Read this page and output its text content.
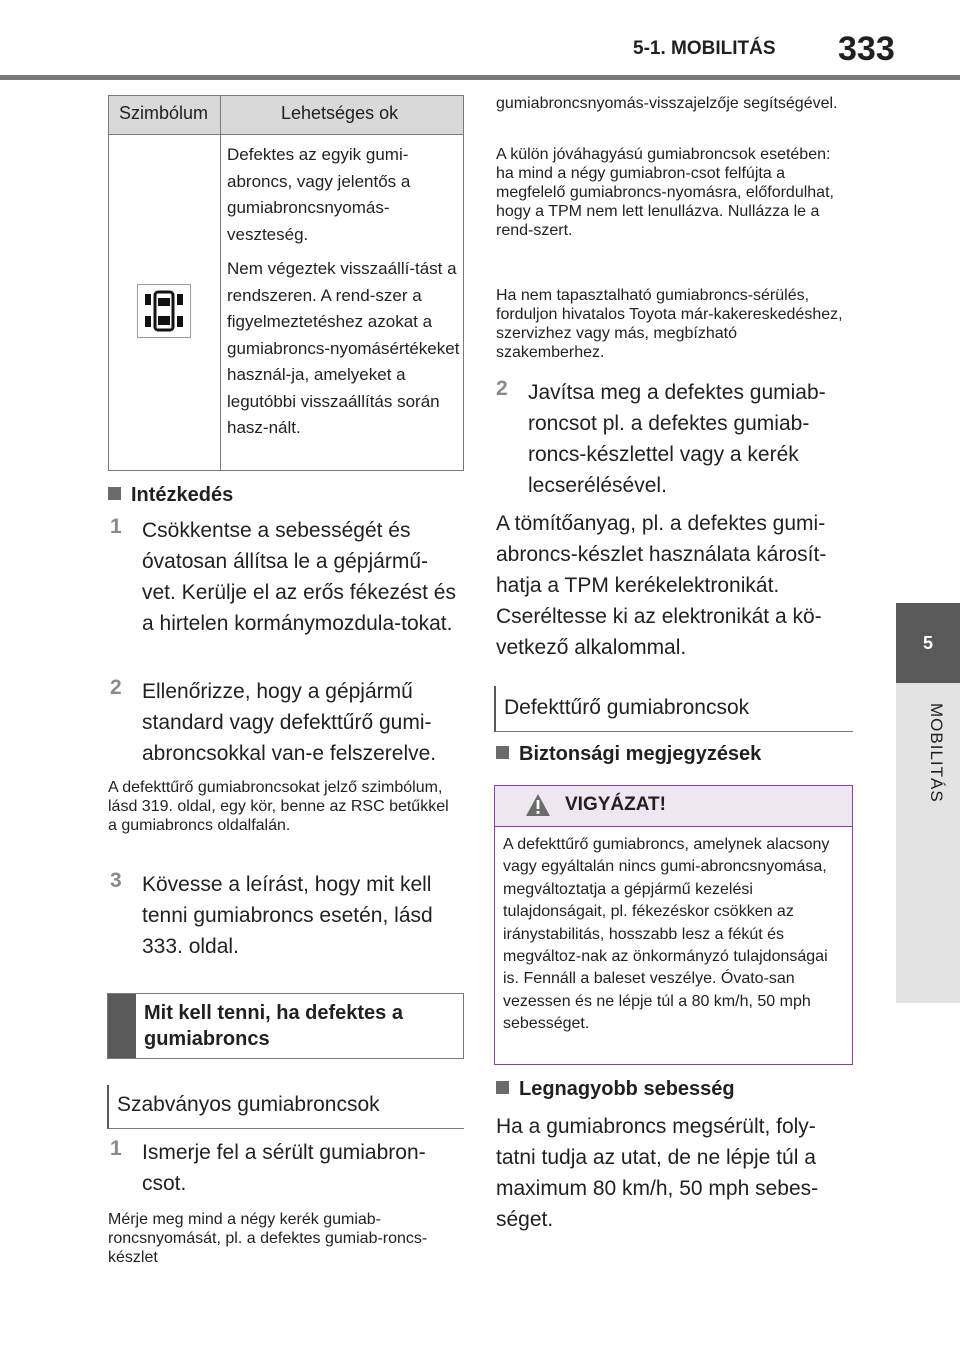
5-1. MOBILITÁS 333
5
MOBILITÁS
Szimbólum	Lehetséges ok

Defektes az egyik gumi-abroncs, vagy jelentős a gumiabroncsnyomás-veszteség.

Nem végeztek visszaállí-tást a rendszeren. A rend-szer a figyelmeztetéshez azokat a gumiabroncs-nyomásértékeket használ-ja, amelyeket a legutóbbi visszaállítás során hasz-nált.

Intézkedés
1 Csökkentse a sebességét és óvatosan állítsa le a gépjármű-vet. Kerülje el az erős fékezést és a hirtelen kormánymozdula-tokat.
2 Ellenőrizze, hogy a gépjármű standard vagy defekttűrő gumi-abroncsokkal van-e felszerelve.
A defekttűrő gumiabroncsokat jelző szimbólum, lásd 319. oldal, egy kör, benne az RSC betűkkel a gumiabroncs oldalfalán.
3 Kövesse a leírást, hogy mit kell tenni gumiabroncs esetén, lásd 333. oldal.
Mit kell tenni, ha defektes a gumiabroncs
Szabványos gumiabroncsok
1 Ismerje fel a sérült gumiabron-csot.
Mérje meg mind a négy kerék gumiab-roncsnyomását, pl. a defektes gumiab-roncs-készlet
gumiabroncsnyomás-visszajelzője segítségével.
A külön jóváhagyású gumiabroncsok esetében: ha mind a négy gumiabron-csot felfújta a megfelelő gumiabroncs-nyomásra, előfordulhat, hogy a TPM nem lett lenullázva. Nullázza le a rend-szert.
Ha nem tapasztalható gumiabroncs-sérülés, forduljon hivatalos Toyota már-kakereskedéshez, szervizhez vagy más, megbízható szakemberhez.
2 Javítsa meg a defektes gumiab-roncsot pl. a defektes gumiab-roncs-készlettel vagy a kerék lecserélésével.
A tömítőanyag, pl. a defektes gumi-abroncs-készlet használata károsít-hatja a TPM kerékelektronikát. Cseréltesse ki az elektronikát a kö-vetkező alkalommal.
Defekttűrő gumiabroncsok
Biztonsági megjegyzések
VIGYÁZAT!
A defekttűrő gumiabroncs, amelynek alacsony vagy egyáltalán nincs gumi-abroncsnyomása, megváltoztatja a gépjármű kezelési tulajdonságait, pl. fékezéskor csökken az iránystabilitás, hosszabb lesz a fékút és megváltoz-nak az önkormányzó tulajdonságai is. Fennáll a baleset veszélye. Óvato-san vezessen és ne lépje túl a 80 km/h, 50 mph sebességet.
Legnagyobb sebesség
Ha a gumiabroncs megsérült, foly-tatni tudja az utat, de ne lépje túl a maximum 80 km/h, 50 mph sebes-séget.
